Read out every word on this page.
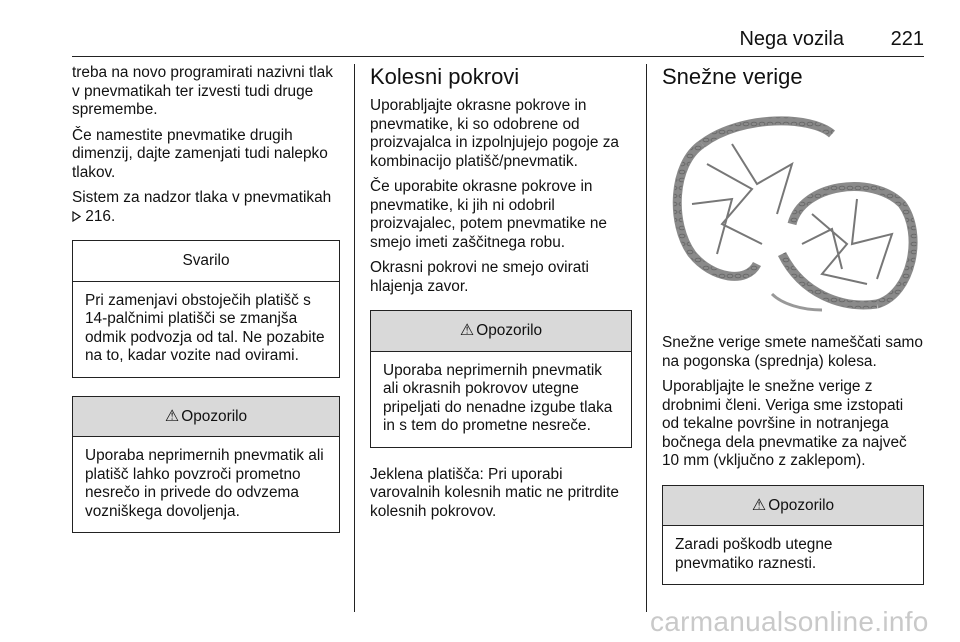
Nega vozila 221

treba na novo programirati nazivni tlak v pnevmatikah ter izvesti tudi druge spremembe.

Če namestite pnevmatike drugih dimenzij, dajte zamenjati tudi nalepko tlakov.

Sistem za nadzor tlaka v pnevmatikah  216.

Svarilo
Pri zamenjavi obstoječih platišč s 14-palčnimi platišči se zmanjša odmik podvozja od tal. Ne pozabite na to, kadar vozite nad ovirami.
⚠ Opozorilo
Uporaba neprimernih pnevmatik ali platišč lahko povzroči prometno nesrečo in privede do odvzema vozniškega dovoljenja.
Kolesni pokrovi

Uporabljajte okrasne pokrove in pnevmatike, ki so odobrene od proizvajalca in izpolnjujejo pogoje za kombinacijo platišč/pnevmatik.

Če uporabite okrasne pokrove in pnevmatike, ki jih ni odobril proizvajalec, potem pnevmatike ne smejo imeti zaščitnega robu.

Okrasni pokrovi ne smejo ovirati hlajenja zavor.

⚠ Opozorilo
Uporaba neprimernih pnevmatik ali okrasnih pokrovov utegne pripeljati do nenadne izgube tlaka in s tem do prometne nesreče.

Jeklena platišča: Pri uporabi varovalnih kolesnih matic ne pritrdite kolesnih pokrovov.

Snežne verige

Snežne verige smete nameščati samo na pogonska (sprednja) kolesa.

Uporabljajte le snežne verige z drobnimi členi. Veriga sme izstopati od tekalne površine in notranjega bočnega dela pnevmatike za največ 10 mm (vključno z zaklepom).

⚠ Opozorilo
Zaradi poškodb utegne pnevmatiko raznesti.
carmanualsonline.info
